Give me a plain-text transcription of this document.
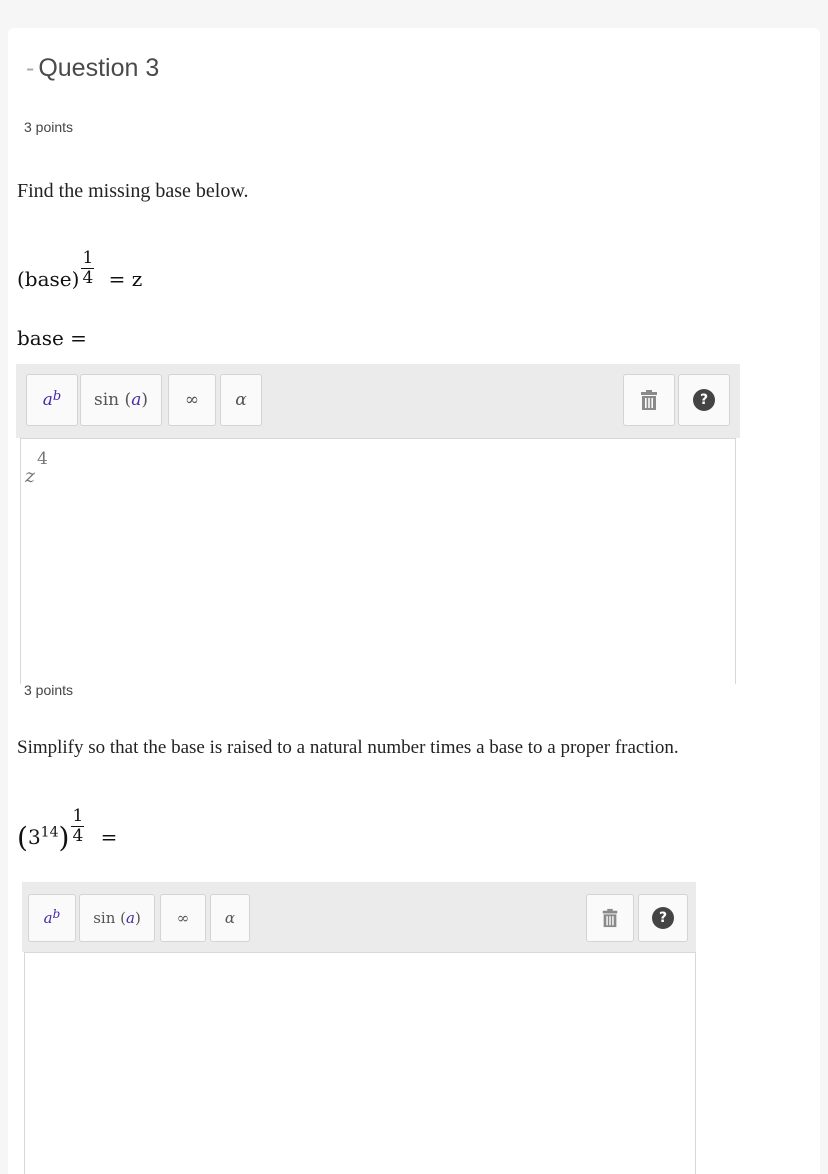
- Question 3
3 points
Find the missing base below.
(base) $\frac{1}{4} = z$
base =
$a^b$ sin ( a )	∞ α	?
z
4
3 points
Simplify so that the base is raised to a natural number times a base to a proper fraction.
$(3^{14}) \frac{1}{4}$ =
$a^b$ sin ( a )	∞ α	?
